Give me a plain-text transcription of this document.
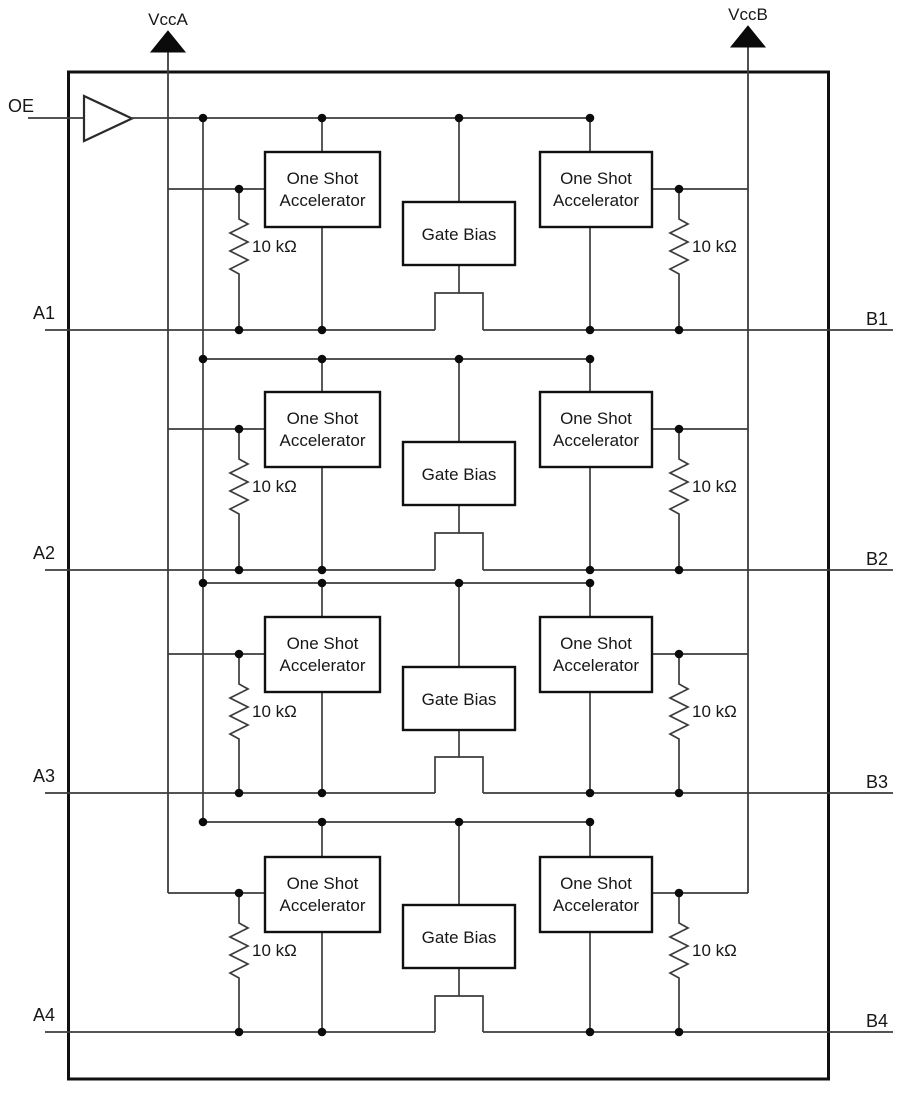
VccA	VccB
OE
10 kΩ	10 kΩ
One Shot
Accelerator
Gate Bias
One Shot
Accelerator
A1	B1
10 kΩ	10 kΩ
One Shot
Accelerator
Gate Bias
One Shot
Accelerator
A2	B2
10 kΩ	10 kΩ
One Shot
Accelerator
Gate Bias
One Shot
Accelerator
A3	B3
10 kΩ	10 kΩ
One Shot
Accelerator
Gate Bias
One Shot
Accelerator
A4	B4
